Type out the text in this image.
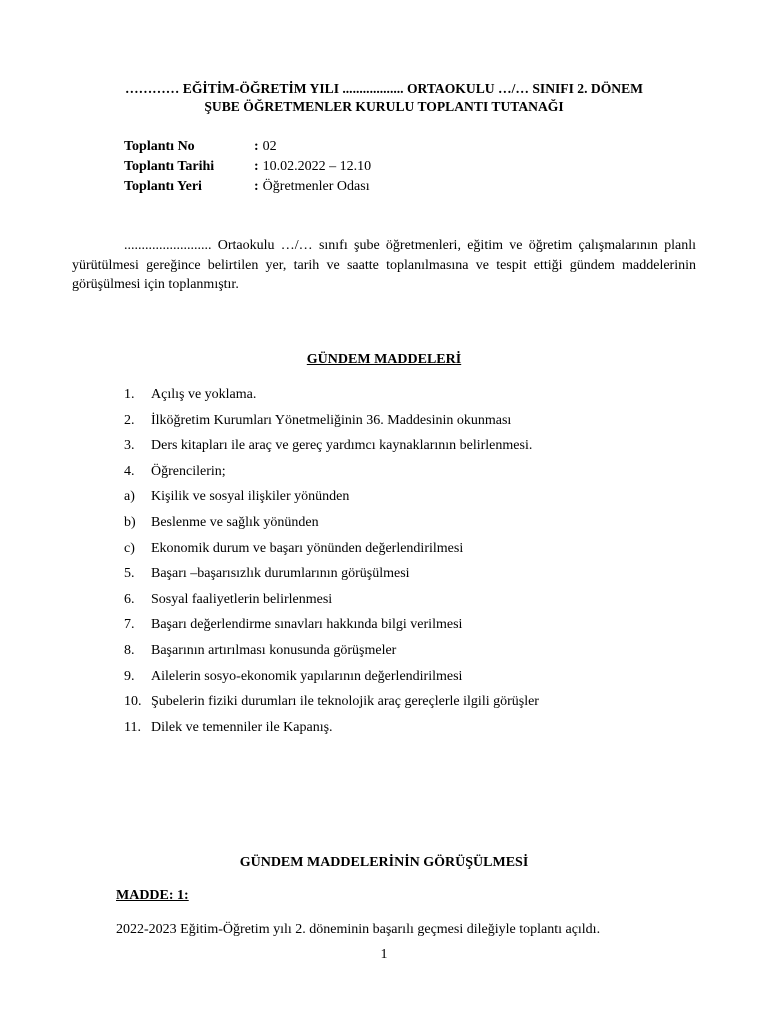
………… EĞİTİM-ÖĞRETİM YILI .................. ORTAOKULU …/… SINIFI 2. DÖNEM
ŞUBE ÖĞRETMENLER KURULU TOPLANTI TUTANAĞI
Toplantı No	: 02
Toplantı Tarihi	: 10.02.2022 – 12.10
Toplantı Yeri	: Öğretmenler Odası
......................... Ortaokulu …/… sınıfı şube öğretmenleri, eğitim ve öğretim çalışmalarının planlı yürütülmesi gereğince belirtilen yer, tarih ve saatte toplanılmasına ve tespit ettiği gündem maddelerinin görüşülmesi için toplanmıştır.
GÜNDEM MADDELERİ
1. Açılış ve yoklama.
2. İlköğretim Kurumları Yönetmeliğinin 36. Maddesinin okunması
3. Ders kitapları ile araç ve gereç yardımcı kaynaklarının belirlenmesi.
4. Öğrencilerin;
a) Kişilik ve sosyal ilişkiler yönünden
b) Beslenme ve sağlık yönünden
c) Ekonomik durum ve başarı yönünden değerlendirilmesi
5. Başarı –başarısızlık durumlarının görüşülmesi
6. Sosyal faaliyetlerin belirlenmesi
7. Başarı değerlendirme sınavları hakkında bilgi verilmesi
8. Başarının artırılması konusunda görüşmeler
9. Ailelerin sosyo-ekonomik yapılarının değerlendirilmesi
10. Şubelerin fiziki durumları ile teknolojik araç gereçlerle ilgili görüşler
11. Dilek ve temenniler ile Kapanış.
GÜNDEM MADDELERİNİN GÖRÜŞÜLMESİ
MADDE: 1:
2022-2023 Eğitim-Öğretim yılı 2. döneminin başarılı geçmesi dileğiyle toplantı açıldı.
1
